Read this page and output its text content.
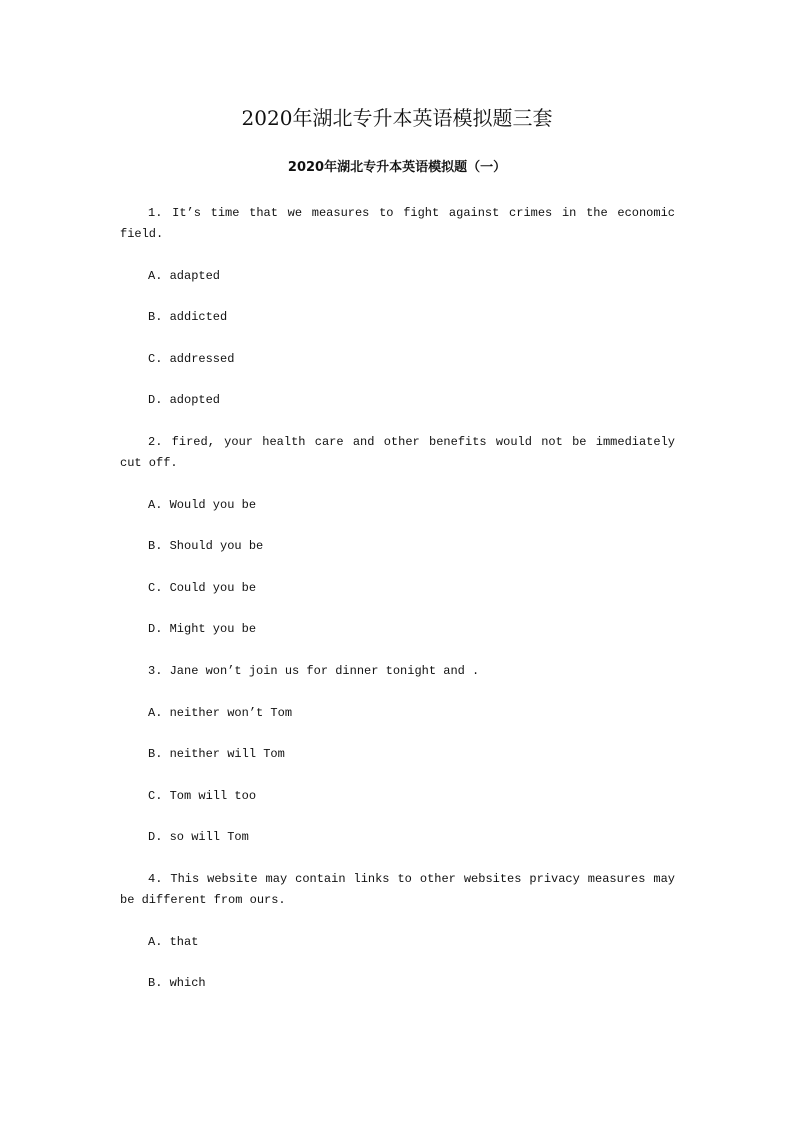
2020年湖北专升本英语模拟题三套
2020年湖北专升本英语模拟题（一）

1. It’s time that we measures to fight against crimes in the economic field.

A. adapted

B. addicted

C. addressed

D. adopted

2. fired, your health care and other benefits would not be immediately cut off.

A. Would you be

B. Should you be

C. Could you be

D. Might you be

3. Jane won’t join us for dinner tonight and .

A. neither won’t Tom

B. neither will Tom

C. Tom will too

D. so will Tom

4. This website may contain links to other websites privacy measures may be different from ours.

A. that

B. which
